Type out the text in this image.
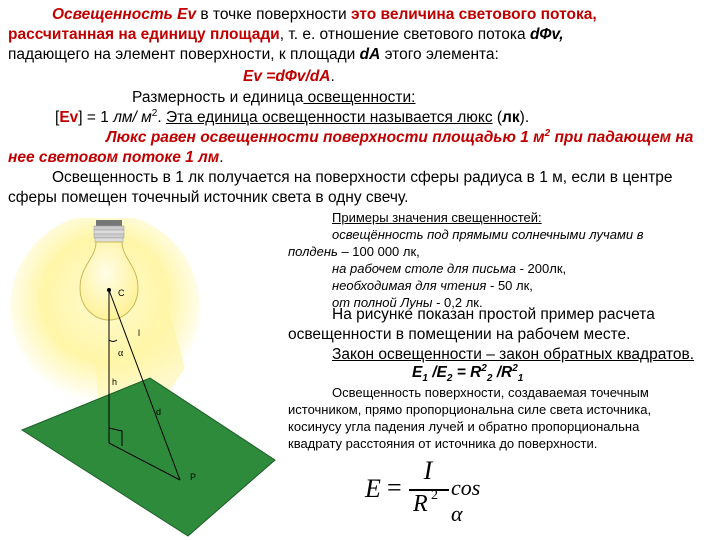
Освещенность Ev в точке поверхности это величина светового потока,
рассчитанная на единицу площади, т. е. отношение светового потока dФv,
падающего на элемент поверхности, к площади dA этого элемента:
Ev =dФv/dA.
Размерность и единица освещенности:
[Ev] = 1 лм/ $м^2$. Эта единица освещенности называется люкс (лк).
Люкс равен освещенности поверхности площадью 1 $м^2$ при падающем на
нее световом потоке 1 лм.
Освещенность в 1 лк получается на поверхности сферы радиуса в 1 м, если в центре
сферы помещен точечный источник света в одну свечу.
Примеры значения свещенностей:
освещённость под прямыми солнечными лучами в
полдень – 100 000 лк,
на рабочем столе для письма - 200лк,
необходимая для чтения - 50 лк,
от полной Луны - 0,2 лк.
На рисунке показан простой пример расчета
освещенности в помещении на рабочем месте.
Закон освещенности – закон обратных квадратов.
$E_1$ $/E_2 = R^2_2$ $/R^2_1$
Освещенность поверхности, создаваемая точечным
источником, прямо пропорциональна силе света источника,
косинусу угла падения лучей и обратно пропорциональна
квадрату расстояния от источника до поверхности.
E =
I
R 2 cos α
C
l
α
h
d
P
